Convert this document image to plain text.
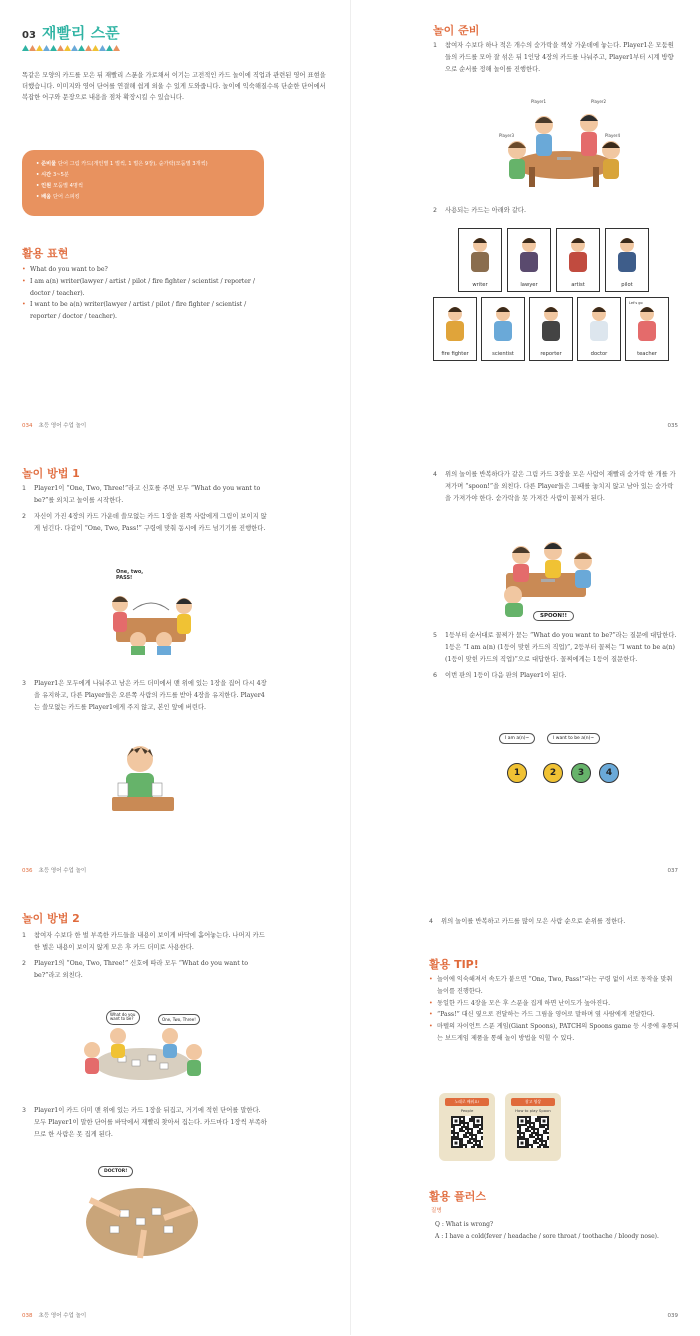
03 재빨리 스푼

똑같은 모양의 카드를 모은 뒤 재빨리 스푼을 가로채서 이기는 고전적인 카드 놀이에 직업과 관련된 영어 표현을 더했습니다. 이미지와 영어 단어를 연결해 쉽게 외울 수 있게 도와줍니다. 놀이에 익숙해질수록 단순한 단어에서 복잡한 어구와 문장으로 내용을 점차 확장시킬 수 있습니다.

• 준비물 단어 그림 카드(개인별 1 벌씩, 1 벌은 9장), 숟가락(모둠별 3개씩)
• 시간 3~5분
• 인원 모둠별 4명씩
• 배움 단어 스피킹
활용 표현
• What do you want to be?
• I am a(n) writer(lawyer / artist / pilot / fire fighter / scientist / reporter / doctor / teacher).
• I want to be a(n) writer(lawyer / artist / pilot / fire fighter / scientist / reporter / doctor / teacher).
034 초등 영어 수업 놀이
놀이 준비
1	참여자 수보다 하나 적은 개수의 숟가락을 책상 가운데에 놓는다. Player1은 모둠원들의 카드를 모아 잘 섞은 뒤 1인당 4장의 카드를 나눠주고, Player1부터 시계 방향으로 순서를 정해 놀이를 진행한다.
Player1	Player2
Player3	Player4
2	사용되는 카드는 아래와 같다.
writer	lawyer	artist	pilot
fire fighter	scientist	reporter	doctor	teacher
Let's go
035
놀이 방법 1
1	Player1이 “One, Two, Three!”라고 신호를 주면 모두 “What do you want to be?”를 외치고 놀이를 시작한다.
2	자신이 가진 4장의 카드 가운데 쓸모없는 카드 1장을 왼쪽 사람에게 그림이 보이지 않게 넘긴다. 다같이 “One, Two, Pass!” 구령에 맞춰 동시에 카드 넘기기를 진행한다.
One, two, PASS!
3	Player1은 모두에게 나눠주고 남은 카드 더미에서 맨 위에 있는 1장을 집어 다시 4장을 유지하고, 다른 Player들은 오른쪽 사람의 카드를 받아 4장을 유지한다. Player4는 쓸모없는 카드를 Player1에게 주지 않고, 본인 앞에 버린다.
036 초등 영어 수업 놀이
4	위의 놀이를 반복하다가 같은 그림 카드 3장을 모은 사람이 재빨리 숟가락 한 개를 가져가며 “spoon!”을 외친다. 다른 Player들은 그때를 놓치지 않고 남아 있는 숟가락을 가져가야 한다. 숟가락을 못 가져간 사람이 꼴찌가 된다.
SPOON!!
5	1등부터 순서대로 꼴찌가 묻는 “What do you want to be?”라는 질문에 대답한다. 1등은 “I am a(n) (1등이 맞힌 카드의 직업)”, 2등부터 꼴찌는 “I want to be a(n) (1등이 맞힌 카드의 직업)”으로 대답한다. 꼴찌에게는 1등이 질문한다.
6	이번 판의 1등이 다음 판의 Player1이 된다.
I am a(n)~	I want to be a(n)~
1	2	3	4
037
놀이 방법 2
1	참여자 수보다 한 벌 부족한 카드들을 내용이 보이게 바닥에 흩어놓는다. 나머지 카드 한 벌은 내용이 보이지 않게 모은 후 카드 더미로 사용한다.
2	Player1의 “One, Two, Three!” 신호에 따라 모두 “What do you want to be?”라고 외친다.
What do you want to be?	One, Two, Three!
3	Player1이 카드 더미 맨 위에 있는 카드 1장을 뒤집고, 거기에 적힌 단어를 말한다. 모두 Player1이 말한 단어를 바닥에서 재빨리 찾아서 집는다. 카드마다 1장씩 부족하므로 한 사람은 못 집게 된다.
DOCTOR!
038 초등 영어 수업 놀이
4	위의 놀이를 반복하고 카드를 많이 모은 사람 순으로 순위를 정한다.
활용 TIP!
• 놀이에 익숙해져서 속도가 붙으면 “One, Two, Pass!”라는 구령 없이 서로 동작을 맞춰 놀이를 진행한다.
• 동일한 카드 4장을 모은 후 스푼을 집게 하면 난이도가 높아진다.
• “Pass!” 대신 옆으로 전달하는 카드 그림을 영어로 말하며 옆 사람에게 전달한다.
• 마텔의 자이언트 스푼 게임(Giant Spoons), PATCH의 Spoons game 등 시중에 유통되는 보드게임 제품을 통해 놀이 방법을 익힐 수 있다.
노래로 배워요!
People
참고 영상
How to play Spoon
활용 플러스
질병
Q : What is wrong?
A : I have a cold(fever / headache / sore throat / toothache / bloody nose).
039
